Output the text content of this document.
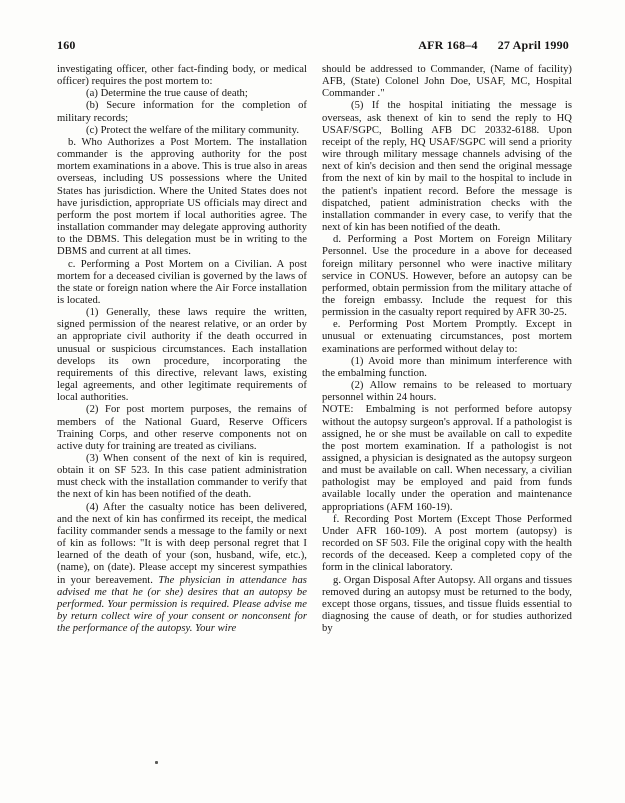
160	AFR 168–4 27 April 1990

investigating officer, other fact-finding body, or medical officer) requires the post mortem to:

(a) Determine the true cause of death;

(b) Secure information for the completion of military records;

(c) Protect the welfare of the military community.

b. Who Authorizes a Post Mortem. The installation commander is the approving authority for the post mortem examinations in a above. This is true also in areas overseas, including US possessions where the United States has jurisdiction. Where the United States does not have jurisdiction, appropriate US officials may direct and perform the post mortem if local authorities agree. The installation commander may delegate approving authority to the DBMS. This delegation must be in writing to the DBMS and current at all times.

c. Performing a Post Mortem on a Civilian. A post mortem for a deceased civilian is governed by the laws of the state or foreign nation where the Air Force installation is located.

(1) Generally, these laws require the written, signed permission of the nearest relative, or an order by an appropriate civil authority if the death occurred in unusual or suspicious circumstances. Each installation develops its own procedure, incorporating the requirements of this directive, relevant laws, existing legal agreements, and other legitimate requirements of local authorities.

(2) For post mortem purposes, the remains of members of the National Guard, Reserve Officers Training Corps, and other reserve components not on active duty for training are treated as civilians.

(3) When consent of the next of kin is required, obtain it on SF 523. In this case patient administration must check with the installation commander to verify that the next of kin has been notified of the death.

(4) After the casualty notice has been delivered, and the next of kin has confirmed its receipt, the medical facility commander sends a message to the family or next of kin as follows: "It is with deep personal regret that I learned of the death of your (son, husband, wife, etc.), (name), on (date). Please accept my sincerest sympathies in your bereavement. The physician in attendance has advised me that he (or she) desires that an autopsy be performed. Your permission is required. Please advise me by return collect wire of your consent or nonconsent for the performance of the autopsy. Your wire

should be addressed to Commander, (Name of facility) AFB, (State) Colonel John Doe, USAF, MC, Hospital Commander ."

(5) If the hospital initiating the message is overseas, ask thenext of kin to send the reply to HQ USAF/SGPC, Bolling AFB DC 20332-6188. Upon receipt of the reply, HQ USAF/SGPC will send a priority wire through military message channels advising of the next of kin's decision and then send the original message from the next of kin by mail to the hospital to include in the patient's inpatient record. Before the message is dispatched, patient administration checks with the installation commander in every case, to verify that the next of kin has been notified of the death.

d. Performing a Post Mortem on Foreign Military Personnel. Use the procedure in a above for deceased foreign military personnel who were inactive military service in CONUS. However, before an autopsy can be performed, obtain permission from the military attache of the foreign embassy. Include the request for this permission in the casualty report required by AFR 30-25.

e. Performing Post Mortem Promptly. Except in unusual or extenuating circumstances, post mortem examinations are performed without delay to:

(1) Avoid more than minimum interference with the embalming function.

(2) Allow remains to be released to mortuary personnel within 24 hours.

NOTE:  Embalming is not performed before autopsy without the autopsy surgeon's approval. If a pathologist is assigned, he or she must be available on call to expedite the post mortem examination. If a pathologist is not assigned, a physician is designated as the autopsy surgeon and must be available on call. When necessary, a civilian pathologist may be employed and paid from funds available locally under the operation and maintenance appropriations (AFM 160-19).

f. Recording Post Mortem (Except Those Performed Under AFR 160-109). A post mortem (autopsy) is recorded on SF 503. File the original copy with the health records of the deceased. Keep a completed copy of the form in the clinical laboratory.

g. Organ Disposal After Autopsy. All organs and tissues removed during an autopsy must be returned to the body, except those organs, tissues, and tissue fluids essential to diagnosing the cause of death, or for studies authorized by
